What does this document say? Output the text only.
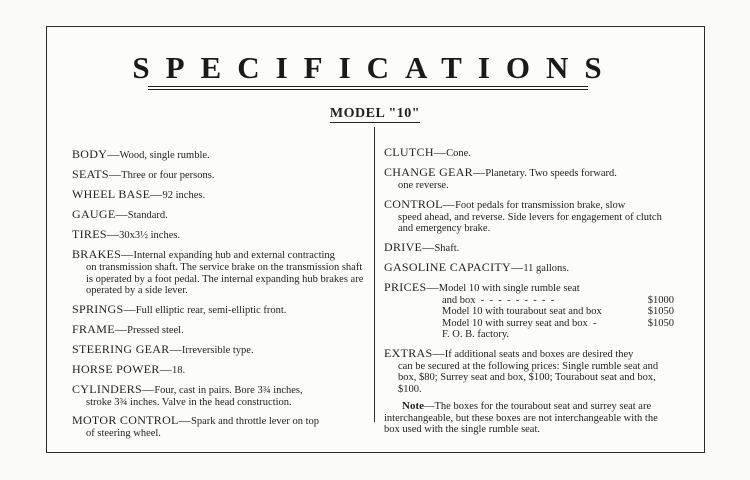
SPECIFICATIONS
MODEL "10"
BODY—Wood, single rumble.
SEATS—Three or four persons.
WHEEL BASE—92 inches.
GAUGE—Standard.
TIRES—30x3½ inches.
BRAKES—Internal expanding hub and external contracting
on transmission shaft. The service brake on the transmission shaft is operated by a foot pedal. The internal expanding hub brakes are operated by a side lever.
SPRINGS—Full elliptic rear, semi-elliptic front.
FRAME—Pressed steel.
STEERING GEAR—Irreversible type.
HORSE POWER—18.
CYLINDERS—Four, cast in pairs. Bore 3¾ inches,
stroke 3¾ inches. Valve in the head construction.
MOTOR CONTROL—Spark and throttle lever on top
of steering wheel.
CLUTCH—Cone.
CHANGE GEAR—Planetary. Two speeds forward.
one reverse.
CONTROL—Foot pedals for transmission brake, slow
speed ahead, and reverse. Side levers for engagement of clutch and emergency brake.
DRIVE—Shaft.
GASOLINE CAPACITY—11 gallons.
PRICES—Model 10 with single rumble seat
and box  -  -  -  -  -  -  -  -  -	$1000
Model 10 with tourabout seat and box	$1050
Model 10 with surrey seat and box  -	$1050
F. O. B. factory.
EXTRAS—If additional seats and boxes are desired they
can be secured at the following prices: Single rumble seat and box, $80; Surrey seat and box, $100; Tourabout seat and box, $100.
Note—The boxes for the tourabout seat and surrey seat are interchangeable, but these boxes are not interchangeable with the box used with the single rumble seat.
